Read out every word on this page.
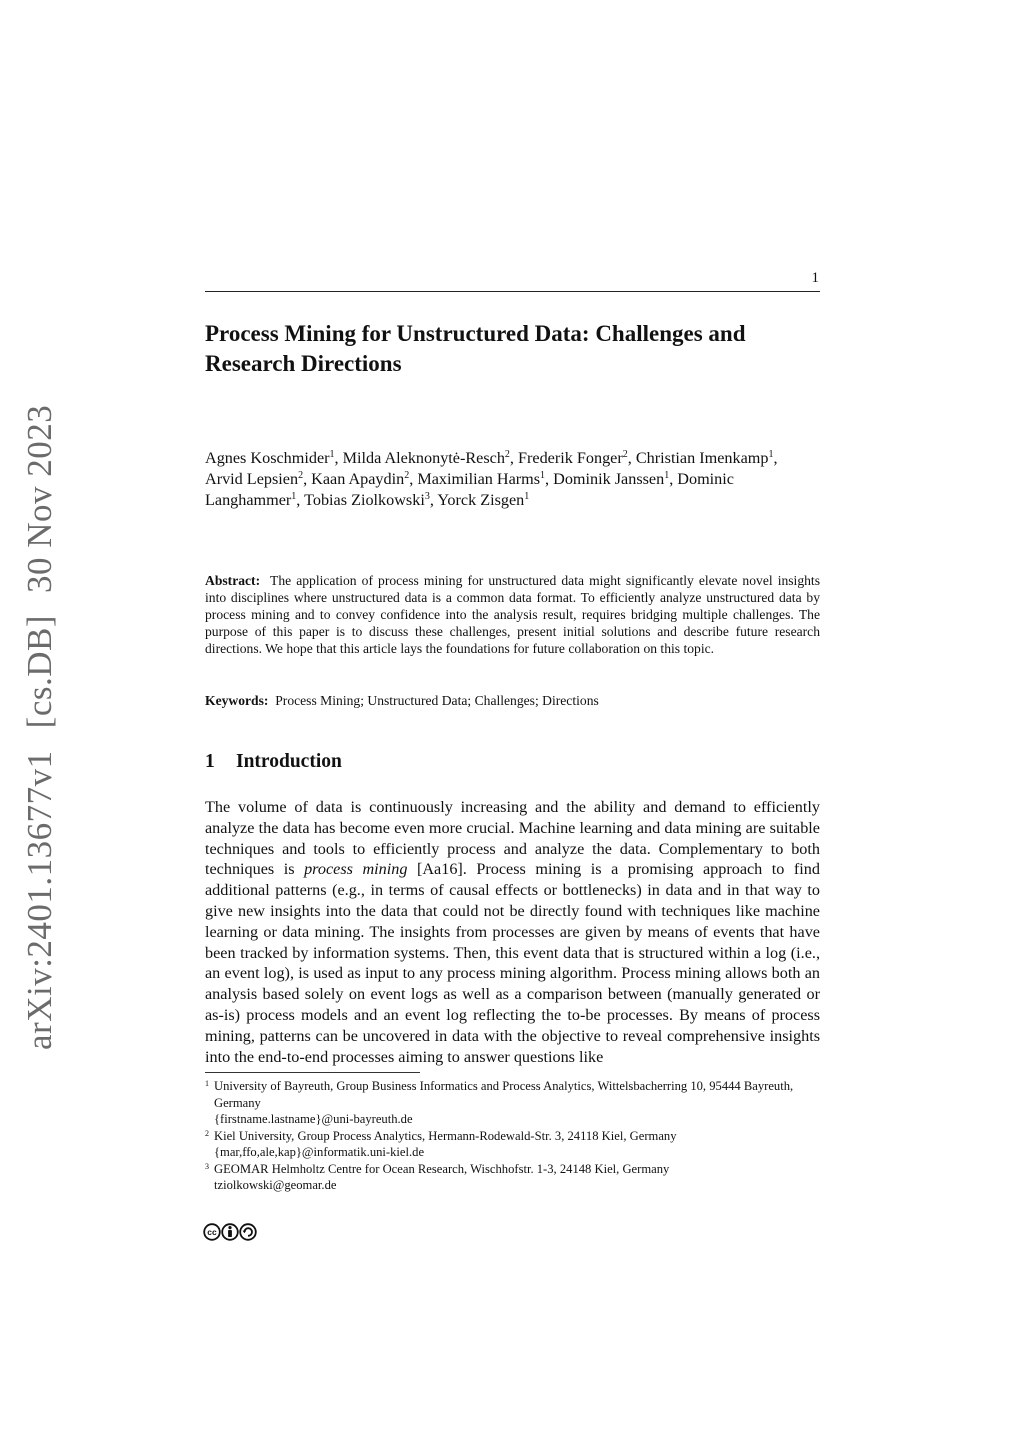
arXiv:2401.13677v1[cs.DB]30 Nov 2023
1
Process Mining for Unstructured Data: Challenges and Research Directions
Agnes Koschmider$^1$, Milda Aleknonytė-Resch$^2$, Frederik Fonger$^2$, Christian Imenkamp$^1$,
Arvid Lepsien$^2$, Kaan Apaydin$^2$, Maximilian Harms$^1$, Dominik Janssen$^1$, Dominic Langhammer$^1$, Tobias Ziolkowski$^3$, Yorck Zisgen$^1$
Abstract: The application of process mining for unstructured data might significantly elevate novel insights into disciplines where unstructured data is a common data format. To efficiently analyze unstructured data by process mining and to convey confidence into the analysis result, requires bridging multiple challenges. The purpose of this paper is to discuss these challenges, present initial solutions and describe future research directions. We hope that this article lays the foundations for future collaboration on this topic.
Keywords: Process Mining; Unstructured Data; Challenges; Directions
1 Introduction
The volume of data is continuously increasing and the ability and demand to efficiently analyze the data has become even more crucial. Machine learning and data mining are suitable techniques and tools to efficiently process and analyze the data. Complementary to both techniques is process mining [Aa16]. Process mining is a promising approach to find additional patterns (e.g., in terms of causal effects or bottlenecks) in data and in that way to give new insights into the data that could not be directly found with techniques like machine learning or data mining. The insights from processes are given by means of events that have been tracked by information systems. Then, this event data that is structured within a log (i.e., an event log), is used as input to any process mining algorithm. Process mining allows both an analysis based solely on event logs as well as a comparison between (manually generated or as-is) process models and an event log reflecting the to-be processes. By means of process mining, patterns can be uncovered in data with the objective to reveal comprehensive insights into the end-to-end processes aiming to answer questions like
$^1$ University of Bayreuth, Group Business Informatics and Process Analytics, Wittelsbacherring 10, 95444 Bayreuth, Germany
{firstname.lastname}@uni-bayreuth.de
$^2$ Kiel University, Group Process Analytics, Hermann-Rodewald-Str. 3, 24118 Kiel, Germany
{mar,ffo,ale,kap}@informatik.uni-kiel.de
$^3$ GEOMAR Helmholtz Centre for Ocean Research, Wischhofstr. 1-3, 24148 Kiel, Germany
tziolkowski@geomar.de
cc
